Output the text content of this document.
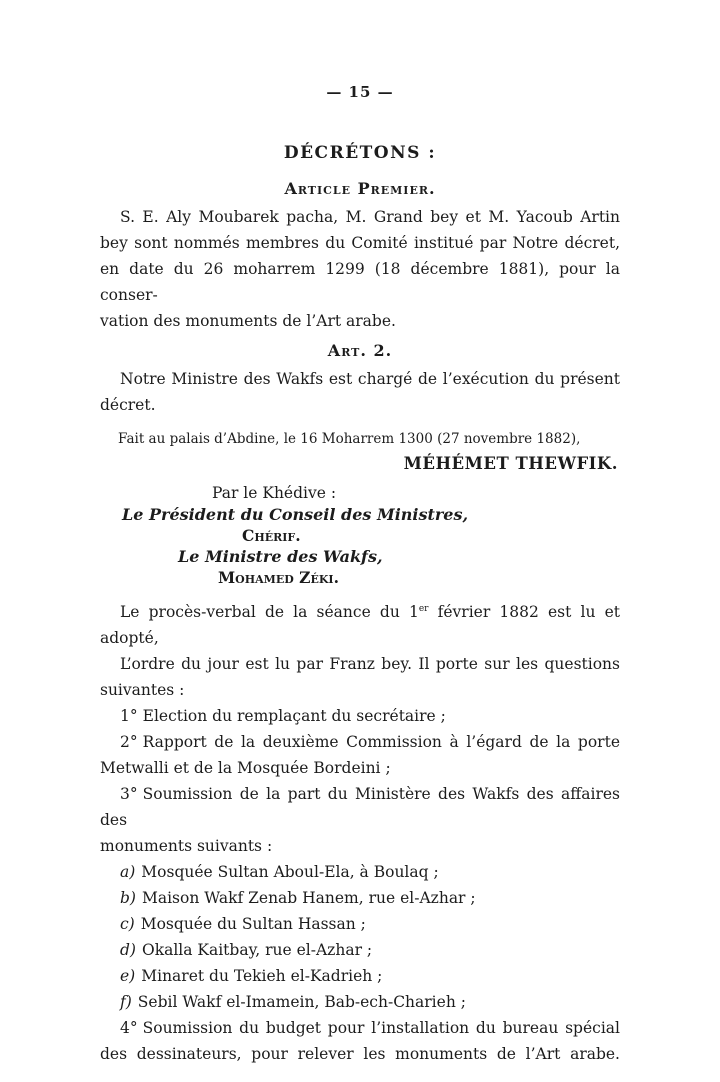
— 15 —
DÉCRÉTONS :
Article Premier.
S. E. Aly Moubarek pacha, M. Grand bey et M. Yacoub Artin
bey sont nommés membres du Comité institué par Notre décret,
en date du 26 moharrem 1299 (18 décembre 1881), pour la conser-
vation des monuments de l’Art arabe.
Art. 2.
Notre Ministre des Wakfs est chargé de l’exécution du présent
décret.
Fait au palais d’Abdine, le 16 Moharrem 1300 (27 novembre 1882),
MÉHÉMET THEWFIK.
Par le Khédive :
Le Président du Conseil des Ministres,
Chérif.
Le Ministre des Wakfs,
Mohamed Zéki.
Le procès-verbal de la séance du 1er février 1882 est lu et adopté,
L’ordre du jour est lu par Franz bey. Il porte sur les questions
suivantes :
1° Election du remplaçant du secrétaire ;
2° Rapport de la deuxième Commission à l’égard de la porte
Metwalli et de la Mosquée Bordeini ;
3° Soumission de la part du Ministère des Wakfs des affaires des
monuments suivants :
a) Mosquée Sultan Aboul-Ela, à Boulaq ;
b) Maison Wakf Zenab Hanem, rue el-Azhar ;
c) Mosquée du Sultan Hassan ;
d) Okalla Kaitbay, rue el-Azhar ;
e) Minaret du Tekieh el-Kadrieh ;
f) Sebil Wakf el-Imamein, Bab-ech-Charieh ;
4° Soumission du budget pour l’installation du bureau spécial
des dessinateurs, pour relever les monuments de l’Art arabe.
